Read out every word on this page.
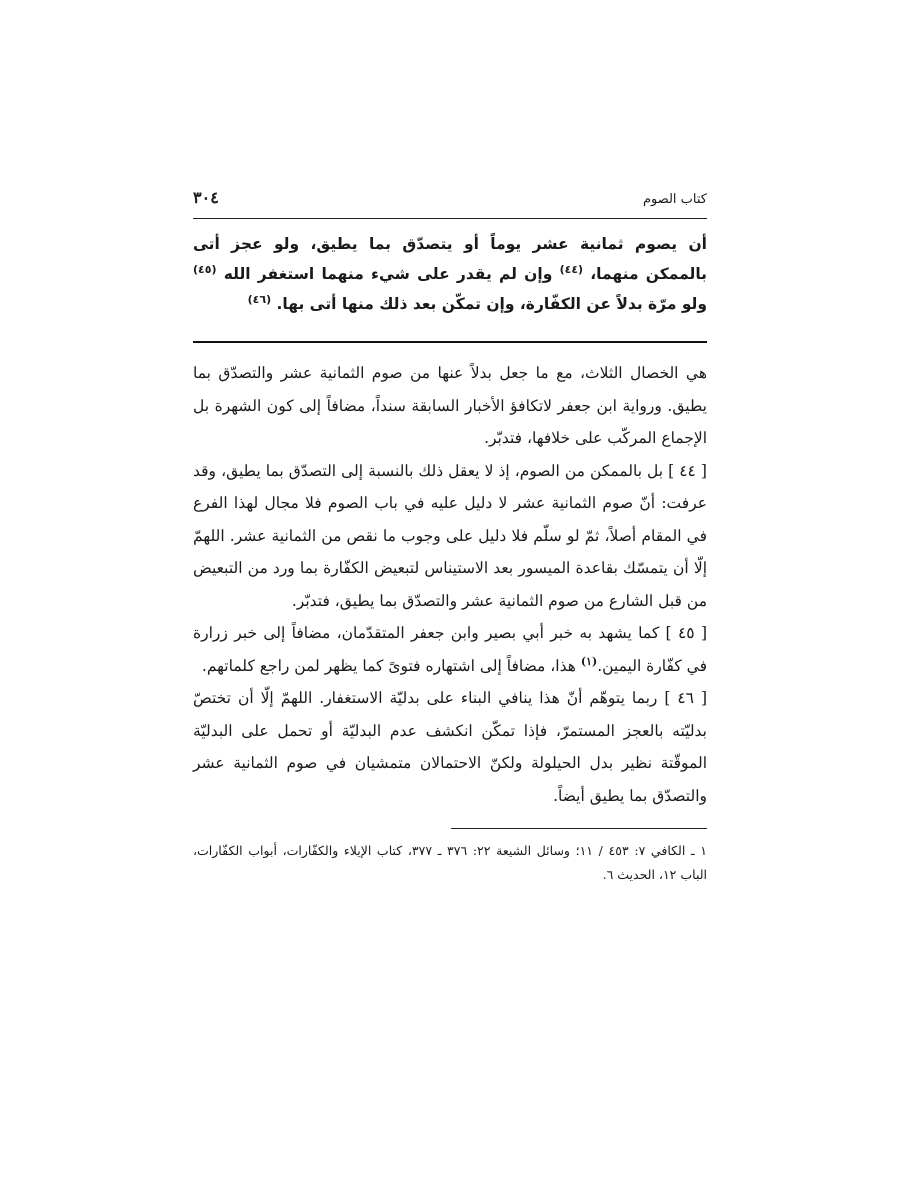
كتاب الصوم
٣٠٤
أن يصوم ثمانية عشر يوماً أو يتصدّق بما يطيق، ولو عجز أتى بالممكن منهما، $^{(٤٤)}$ وإن لم يقدر على شيء منهما استغفر الله $^{(٤٥)}$ ولو مرّة بدلاً عن الكفّارة، وإن تمكّن بعد ذلك منها أتى بها. $^{(٤٦)}$

هي الخصال الثلاث، مع ما جعل بدلاً عنها من صوم الثمانية عشر والتصدّق بما يطيق. ورواية ابن جعفر لاتكافؤ الأخبار السابقة سنداً، مضافاً إلى كون الشهرة بل الإجماع المركّب على خلافها، فتدبّر.

[ ٤٤ ] بل بالممكن من الصوم، إذ لا يعقل ذلك بالنسبة إلى التصدّق بما يطيق، وقد عرفت: أنّ صوم الثمانية عشر لا دليل عليه في باب الصوم فلا مجال لهذا الفرع في المقام أصلاً، ثمّ لو سلّم فلا دليل على وجوب ما نقص من الثمانية عشر. اللهمّ إلّا أن يتمسّك بقاعدة الميسور بعد الاستيناس لتبعيض الكفّارة بما ورد من التبعيض من قبل الشارع من صوم الثمانية عشر والتصدّق بما يطيق، فتدبّر.

[ ٤٥ ] كما يشهد به خبر أبي بصير وابن جعفر المتقدّمان، مضافاً إلى خبر زرارة في كفّارة اليمين.$^{(١)}$ هذا، مضافاً إلى اشتهاره فتوىً كما يظهر لمن راجع كلماتهم.

[ ٤٦ ] ربما يتوهّم أنّ هذا ينافي البناء على بدليّة الاستغفار. اللهمّ إلّا أن تختصّ بدليّته بالعجز المستمرّ، فإذا تمكّن انكشف عدم البدليّة أو تحمل على البدليّة الموقّتة نظير بدل الحيلولة ولكنّ الاحتمالان متمشيان في صوم الثمانية عشر والتصدّق بما يطيق أيضاً.

١ ـ الكافي ٧: ٤٥٣ / ١١؛ وسائل الشيعة ٢٢: ٣٧٦ ـ ٣٧٧، كتاب الإيلاء والكفّارات، أبواب الكفّارات، الباب ١٢، الحديث ٦.
